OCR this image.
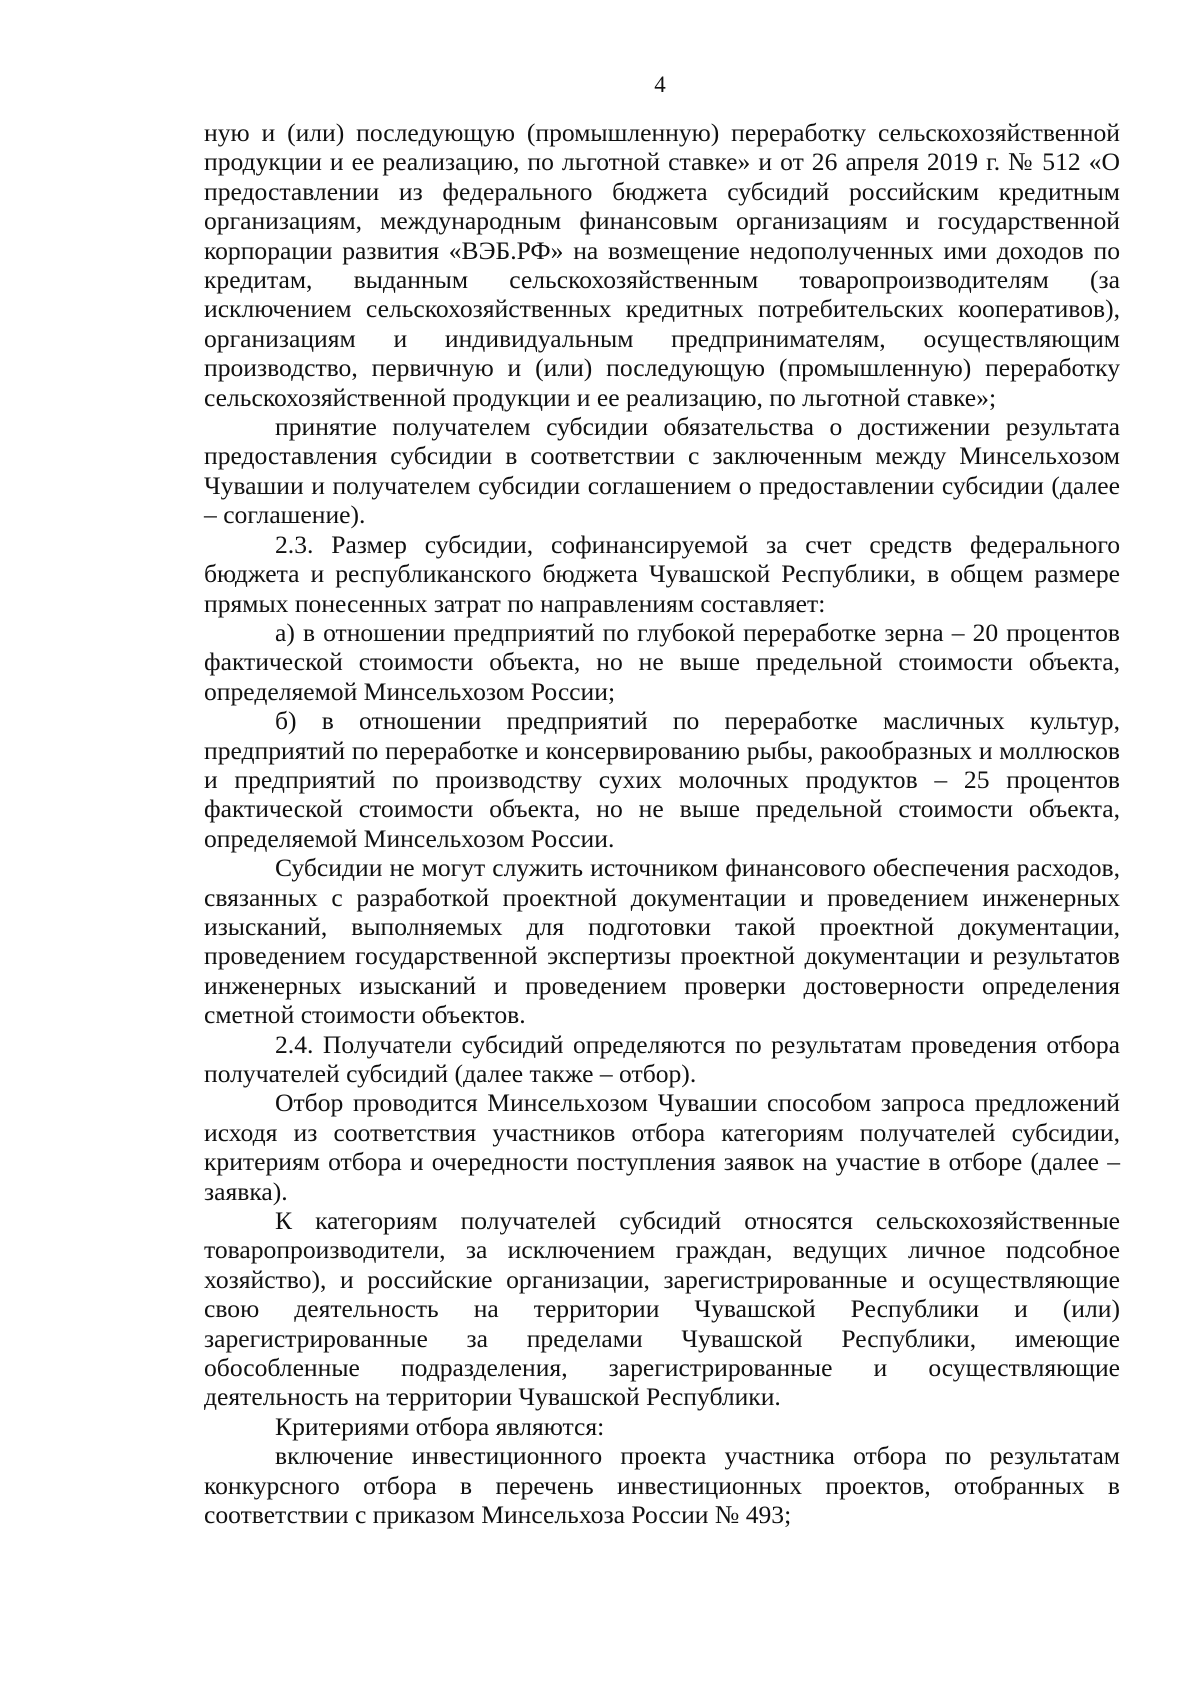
4

ную и (или) последующую (промышленную) переработку сельскохозяйственной продукции и ее реализацию, по льготной ставке» и от 26 апреля 2019 г. № 512 «О предоставлении из федерального бюджета субсидий российским кредитным организациям, международным финансовым организациям и государственной корпорации развития «ВЭБ.РФ» на возмещение недополученных ими доходов по кредитам, выданным сельскохозяйственным товаропроизводителям (за исключением сельскохозяйственных кредитных потребительских кооперативов), организациям и индивидуальным предпринимателям, осуществляющим производство, первичную и (или) последующую (промышленную) переработку сельскохозяйственной продукции и ее реализацию, по льготной ставке»;

принятие получателем субсидии обязательства о достижении результата предоставления субсидии в соответствии с заключенным между Минсельхозом Чувашии и получателем субсидии соглашением о предоставлении субсидии (далее – соглашение).

2.3. Размер субсидии, софинансируемой за счет средств федерального бюджета и республиканского бюджета Чувашской Республики, в общем размере прямых понесенных затрат по направлениям составляет:

а) в отношении предприятий по глубокой переработке зерна – 20 процентов фактической стоимости объекта, но не выше предельной стоимости объекта, определяемой Минсельхозом России;

б) в отношении предприятий по переработке масличных культур, предприятий по переработке и консервированию рыбы, ракообразных и моллюсков и предприятий по производству сухих молочных продуктов – 25 процентов фактической стоимости объекта, но не выше предельной стоимости объекта, определяемой Минсельхозом России.

Субсидии не могут служить источником финансового обеспечения расходов, связанных с разработкой проектной документации и проведением инженерных изысканий, выполняемых для подготовки такой проектной документации, проведением государственной экспертизы проектной документации и результатов инженерных изысканий и проведением проверки достоверности определения сметной стоимости объектов.

2.4. Получатели субсидий определяются по результатам проведения отбора получателей субсидий (далее также – отбор).

Отбор проводится Минсельхозом Чувашии способом запроса предложений исходя из соответствия участников отбора категориям получателей субсидии, критериям отбора и очередности поступления заявок на участие в отборе (далее – заявка).

К категориям получателей субсидий относятся сельскохозяйственные товаропроизводители, за исключением граждан, ведущих личное подсобное хозяйство), и российские организации, зарегистрированные и осуществляющие свою деятельность на территории Чувашской Республики и (или) зарегистрированные за пределами Чувашской Республики, имеющие обособленные подразделения, зарегистрированные и осуществляющие деятельность на территории Чувашской Республики.

Критериями отбора являются:

включение инвестиционного проекта участника отбора по результатам конкурсного отбора в перечень инвестиционных проектов, отобранных в соответствии с приказом Минсельхоза России № 493;
